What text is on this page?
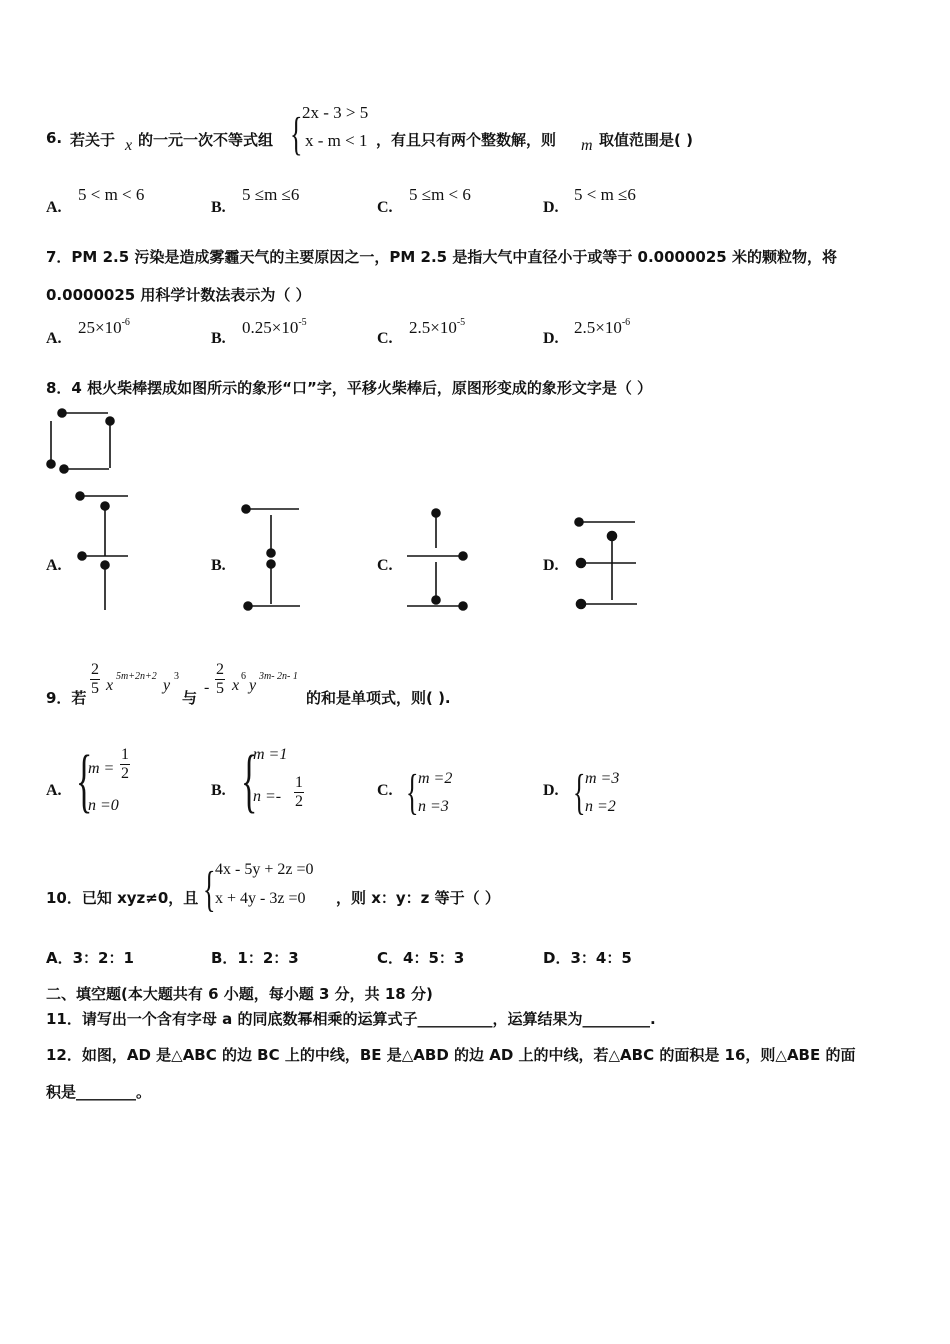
6. 若关于 x 的一元一次不等式组 { 2x - 3 > 5
x - m < 1 ，有且只有两个整数解，则 m 取值范围是( )
A.
5 < m < 6
B.
5 ≤m ≤6
C.
5 ≤m < 6
D.
5 < m ≤6
7．PM 2.5 污染是造成雾霾天气的主要原因之一，PM 2.5 是指大气中直径小于或等于 0.0000025 米的颗粒物，将
0.0000025 用科学计数法表示为（ ）
A.
$25\times 10^{-6}$
B.
$0.25\times 10^{-5}$
C.
$2.5\times 10^{-5}$
D.
$2.5\times 10^{-6}$
8．4 根火柴棒摆成如图所示的象形“口”字，平移火柴棒后，原图形变成的象形文字是（ ）
A.	B.	C.	D.
9．若 $\frac{2}{5}$ x
5m+2n+2
y
3
与
- $\frac{2}{5}$ x
6
y
3m- 2n- 1
的和是单项式，则( ).
A. {
$m = \frac{1}{2}$
n =0
B. {
m =1
$n =- \frac{1}{2}$	C. { m =2
n =3
D. { m =3
n =2
10．已知 xyz≠0，且 { 4x - 5y + 2z =0
x + 4y - 3z =0 ，则 x：y：z 等于（ ）
A．3：2：1	B．1：2：3	C．4：5：3	D．3：4：5
二、填空题(本大题共有 6 小题，每小题 3 分，共 18 分)
11．请写出一个含有字母 a 的同底数幂相乘的运算式子__________，运算结果为_________.
12．如图，AD 是△ABC 的边 BC 上的中线，BE 是△ABD 的边 AD 上的中线，若△ABC 的面积是 16，则△ABE 的面
积是________。
